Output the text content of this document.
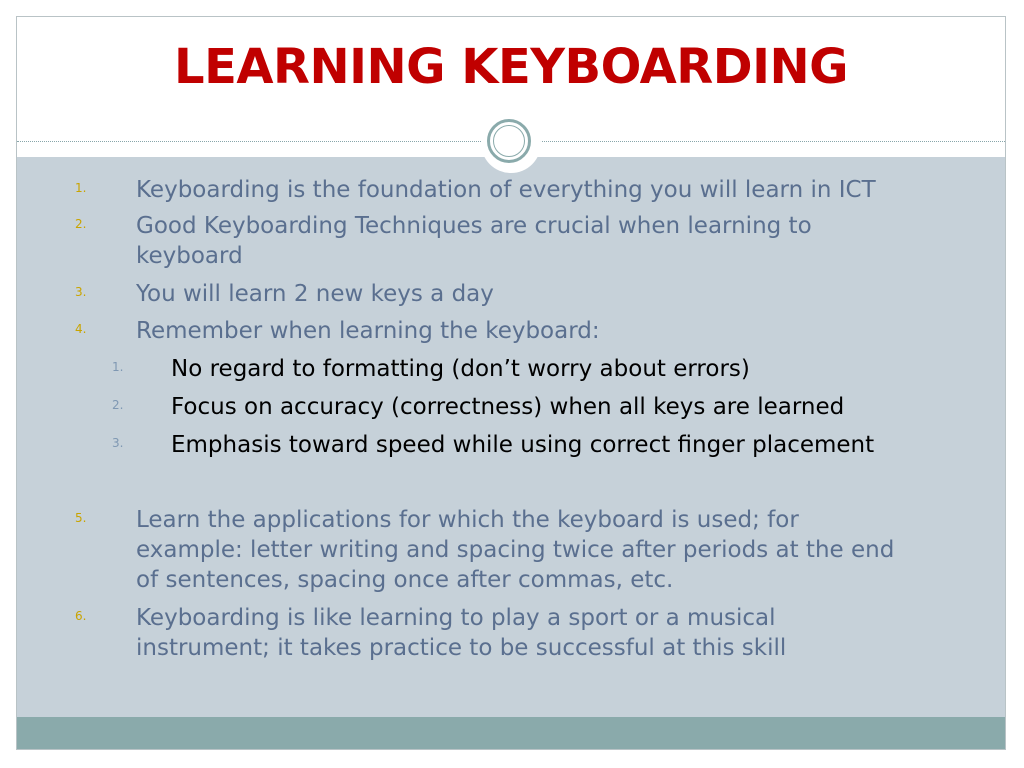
LEARNING KEYBOARDING
1. Keyboarding is the foundation of everything you will learn in ICT
2. Good Keyboarding Techniques are crucial when learning to
keyboard
3. You will learn 2 new keys a day
4. Remember when learning the keyboard:
1. No regard to formatting (don’t worry about errors)
2. Focus on accuracy (correctness) when all keys are learned
3. Emphasis toward speed while using correct finger placement
5. Learn the applications for which the keyboard is used; for
example: letter writing and spacing twice after periods at the end
of sentences, spacing once after commas, etc.
6. Keyboarding is like learning to play a sport or a musical
instrument; it takes practice to be successful at this skill
